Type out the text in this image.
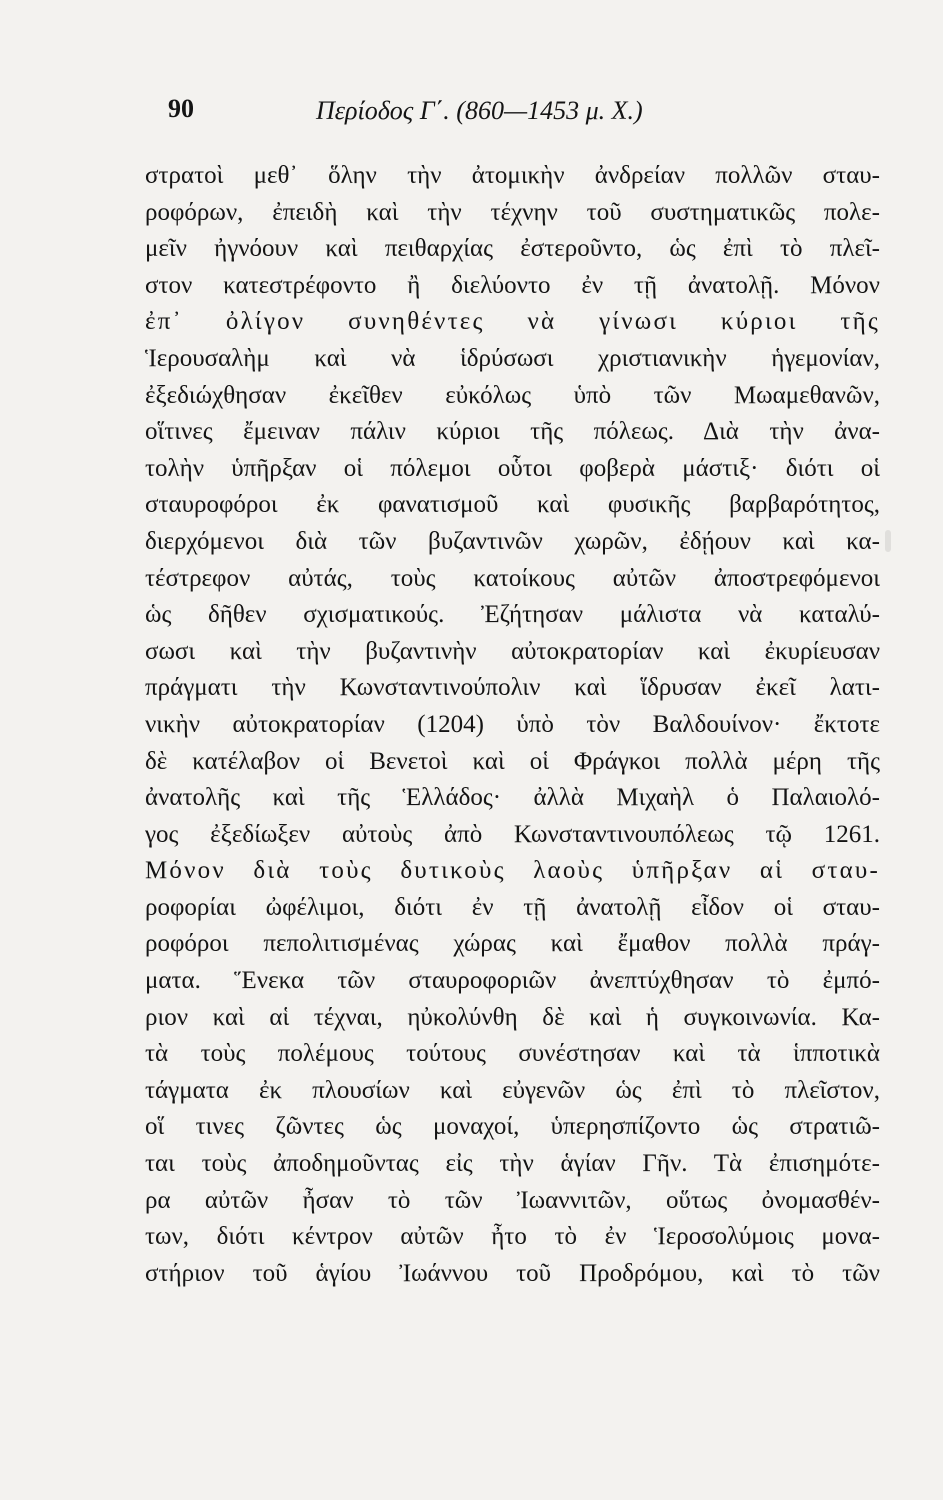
90	Περίοδος Γ΄. (860—1453 μ. Χ.)
στρατοὶ μεθ᾽ ὅλην τὴν ἀτομικὴν ἀνδρείαν πολλῶν σταυ-
ροφόρων, ἐπειδὴ καὶ τὴν τέχνην τοῦ συστηματικῶς πολε-
μεῖν ἠγνόουν καὶ πειθαρχίας ἐστεροῦντο, ὡς ἐπὶ τὸ πλεῖ-
στον κατεστρέφοντο ἢ διελύοντο ἐν τῇ ἀνατολῇ. Μόνον
ἐπ᾽ ὀλίγον συνηθέντες νὰ γίνωσι κύριοι τῆς
Ἱερουσαλὴμ καὶ νὰ ἱδρύσωσι χριστιανικὴν ἡγεμονίαν,
ἐξεδιώχθησαν ἐκεῖθεν εὐκόλως ὑπὸ τῶν Μωαμεθανῶν,
οἵτινες ἔμειναν πάλιν κύριοι τῆς πόλεως. Διὰ τὴν ἀνα-
τολὴν ὑπῆρξαν οἱ πόλεμοι οὗτοι φοβερὰ μάστιξ· διότι οἱ
σταυροφόροι ἐκ φανατισμοῦ καὶ φυσικῆς βαρβαρότητος,
διερχόμενοι διὰ τῶν βυζαντινῶν χωρῶν, ἐδῄουν καὶ κα-
τέστρεφον αὐτάς, τοὺς κατοίκους αὐτῶν ἀποστρεφόμενοι
ὡς δῆθεν σχισματικούς. Ἐζήτησαν μάλιστα νὰ καταλύ-
σωσι καὶ τὴν βυζαντινὴν αὐτοκρατορίαν καὶ ἐκυρίευσαν
πράγματι τὴν Κωνσταντινούπολιν καὶ ἵδρυσαν ἐκεῖ λατι-
νικὴν αὐτοκρατορίαν (1204) ὑπὸ τὸν Βαλδουίνον· ἔκτοτε
δὲ κατέλαβον οἱ Βενετοὶ καὶ οἱ Φράγκοι πολλὰ μέρη τῆς
ἀνατολῆς καὶ τῆς Ἑλλάδος· ἀλλὰ Μιχαὴλ ὁ Παλαιολό-
γος ἐξεδίωξεν αὐτοὺς ἀπὸ Κωνσταντινουπόλεως τῷ 1261.
Μόνον διὰ τοὺς δυτικοὺς λαοὺς ὑπῆρξαν αἱ σταυ-
ροφορίαι ὠφέλιμοι, διότι ἐν τῇ ἀνατολῇ εἶδον οἱ σταυ-
ροφόροι πεπολιτισμένας χώρας καὶ ἔμαθον πολλὰ πράγ-
ματα. Ἕνεκα τῶν σταυροφοριῶν ἀνεπτύχθησαν τὸ ἐμπό-
ριον καὶ αἱ τέχναι, ηὐκολύνθη δὲ καὶ ἡ συγκοινωνία. Κα-
τὰ τοὺς πολέμους τούτους συνέστησαν καὶ τὰ ἱπποτικὰ
τάγματα ἐκ πλουσίων καὶ εὐγενῶν ὡς ἐπὶ τὸ πλεῖστον,
οἵ τινες ζῶντες ὡς μοναχοί, ὑπερησπίζοντο ὡς στρατιῶ-
ται τοὺς ἀποδημοῦντας εἰς τὴν ἁγίαν Γῆν. Τὰ ἐπισημότε-
ρα αὐτῶν ἦσαν τὸ τῶν Ἰωαννιτῶν, οὕτως ὀνομασθέν-
των, διότι κέντρον αὐτῶν ἦτο τὸ ἐν Ἱεροσολύμοις μονα-
στήριον τοῦ ἁγίου Ἰωάννου τοῦ Προδρόμου, καὶ τὸ τῶν
